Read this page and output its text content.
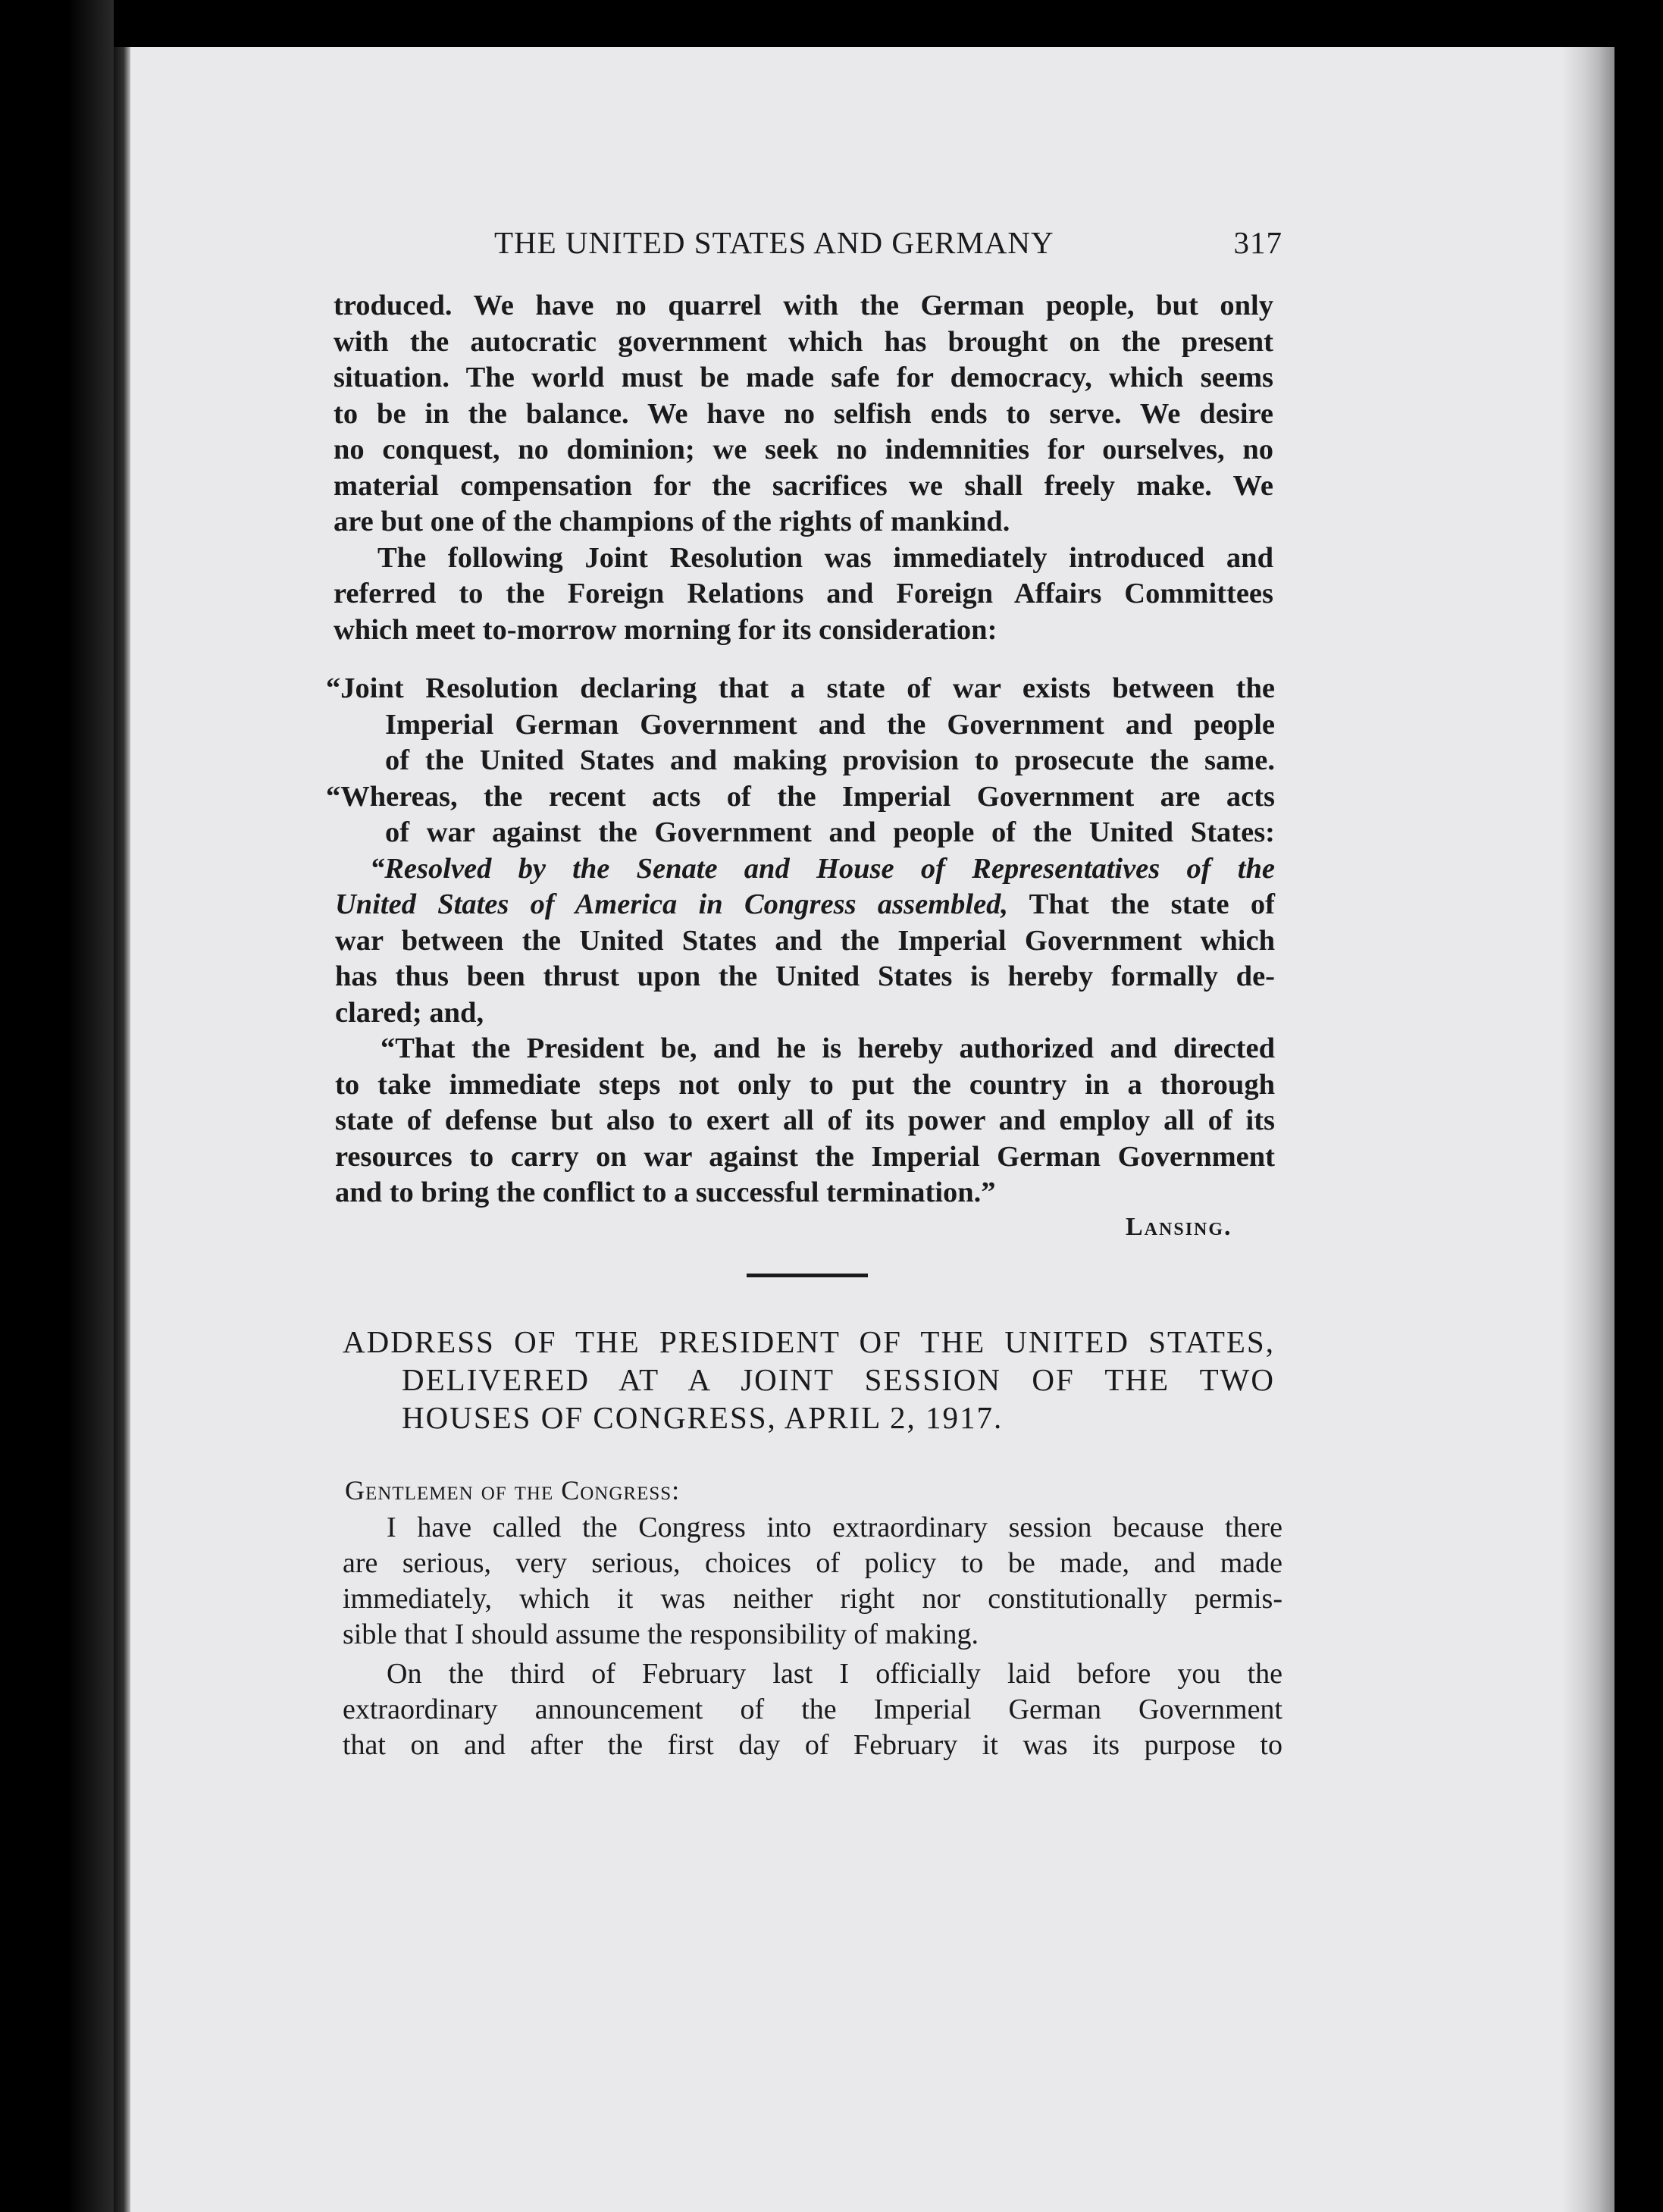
THE UNITED STATES AND GERMANY	317
troduced. We have no quarrel with the German people, but only
with the autocratic government which has brought on the present
situation. The world must be made safe for democracy, which seems
to be in the balance. We have no selfish ends to serve. We desire
no conquest, no dominion; we seek no indemnities for ourselves, no
material compensation for the sacrifices we shall freely make. We
are but one of the champions of the rights of mankind.
The following Joint Resolution was immediately introduced and
referred to the Foreign Relations and Foreign Affairs Committees
which meet to-morrow morning for its consideration:
“Joint Resolution declaring that a state of war exists between the
Imperial German Government and the Government and people
of the United States and making provision to prosecute the same.
“Whereas, the recent acts of the Imperial Government are acts
of war against the Government and people of the United States:
“Resolved by the Senate and House of Representatives of the
United States of America in Congress assembled, That the state of
war between the United States and the Imperial Government which
has thus been thrust upon the United States is hereby formally de-
clared; and,
“That the President be, and he is hereby authorized and directed
to take immediate steps not only to put the country in a thorough
state of defense but also to exert all of its power and employ all of its
resources to carry on war against the Imperial German Government
and to bring the conflict to a successful termination.”
Lansing.
ADDRESS OF THE PRESIDENT OF THE UNITED STATES,
DELIVERED AT A JOINT SESSION OF THE TWO
HOUSES OF CONGRESS, APRIL 2, 1917.
Gentlemen of the Congress:
I have called the Congress into extraordinary session because there
are serious, very serious, choices of policy to be made, and made
immediately, which it was neither right nor constitutionally permis-
sible that I should assume the responsibility of making.
On the third of February last I officially laid before you the
extraordinary announcement of the Imperial German Government
that on and after the first day of February it was its purpose to
